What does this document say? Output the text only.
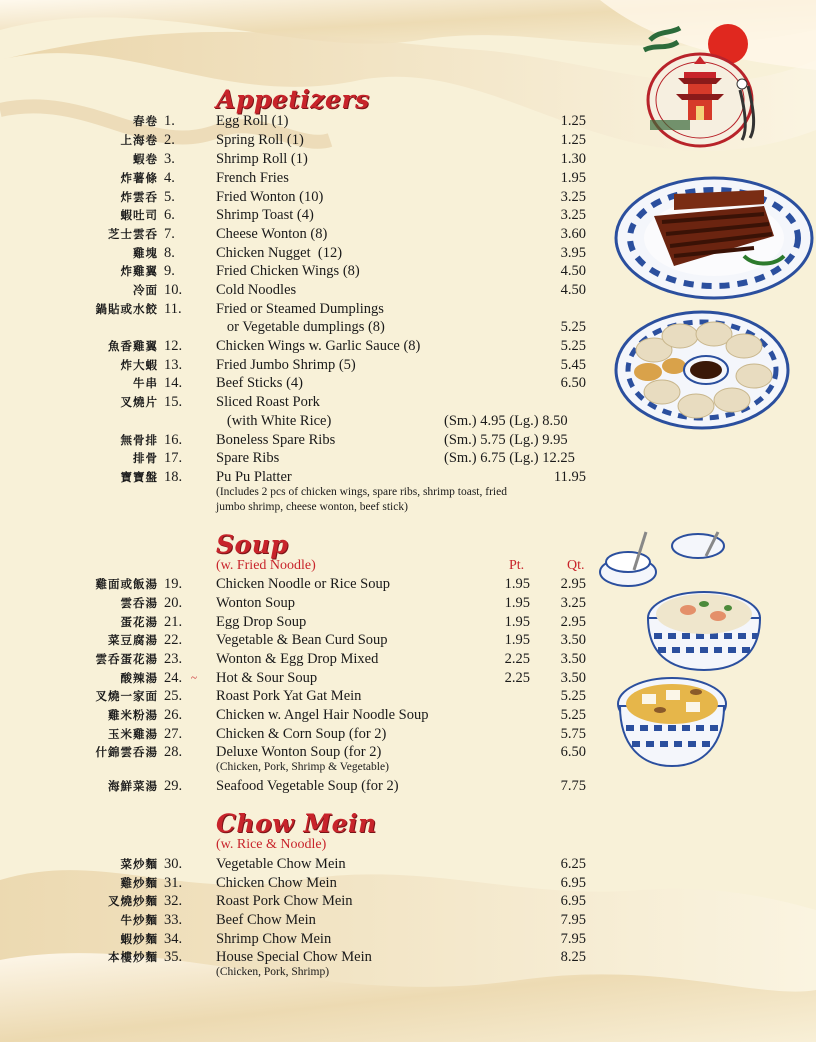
Appetizers
春卷 1.	Egg Roll (1)	1.25
上海卷 2.	Spring Roll (1)	1.25
蝦卷 3.	Shrimp Roll (1)	1.30
炸薯條 4.	French Fries	1.95
炸雲呑 5.	Fried Wonton (10)	3.25
蝦吐司 6.	Shrimp Toast (4)	3.25
芝士雲呑 7.	Cheese Wonton (8)	3.60
雞塊 8.	Chicken Nugget  (12)	3.95
炸雞翼 9.	Fried Chicken Wings (8)	4.50
冷面 10.	Cold Noodles	4.50
鍋貼或水餃 11.	Fried or Steamed Dumplings
or Vegetable dumplings (8)	5.25
魚香雞翼 12.	Chicken Wings w. Garlic Sauce (8)	5.25
炸大蝦 13.	Fried Jumbo Shrimp (5)	5.45
牛串 14.	Beef Sticks (4)	6.50
叉燒片 15.	Sliced Roast Pork
(with White Rice)	(Sm.) 4.95 (Lg.) 8.50
無骨排 16.	Boneless Spare Ribs	(Sm.) 5.75 (Lg.) 9.95
排骨 17.	Spare Ribs	(Sm.) 6.75 (Lg.) 12.25
寶寶盤 18.	Pu Pu Platter	11.95
(Includes 2 pcs of chicken wings, spare ribs, shrimp toast, fried
jumbo shrimp, cheese wonton, beef stick)
Soup
(w. Fried Noodle)	Pt.	Qt.
雞面或飯湯 19.	Chicken Noodle or Rice Soup	1.95	2.95
雲呑湯 20.	Wonton Soup	1.95	3.25
蛋花湯 21.	Egg Drop Soup	1.95	2.95
菜豆腐湯 22.	Vegetable & Bean Curd Soup	1.95	3.50
雲呑蛋花湯 23.	Wonton & Egg Drop Mixed	2.25	3.50
酸辣湯 24. ~ Hot & Sour Soup	2.25	3.50
叉燒一家面 25.	Roast Pork Yat Gat Mein	5.25
雞米粉湯 26.	Chicken w. Angel Hair Noodle Soup	5.25
玉米雞湯 27.	Chicken & Corn Soup (for 2)	5.75
什錦雲呑湯 28.	Deluxe Wonton Soup (for 2)	6.50
海鮮菜湯 29.	Seafood Vegetable Soup (for 2)	7.75
(Chicken, Pork, Shrimp & Vegetable)
Chow Mein
(w. Rice & Noodle)
菜炒麵 30.	Vegetable Chow Mein	6.25
雞炒麵 31.	Chicken Chow Mein	6.95
叉燒炒麵 32.	Roast Pork Chow Mein	6.95
牛炒麵 33.	Beef Chow Mein	7.95
蝦炒麵 34.	Shrimp Chow Mein	7.95
本樓炒麵 35.	House Special Chow Mein	8.25
(Chicken, Pork, Shrimp)
